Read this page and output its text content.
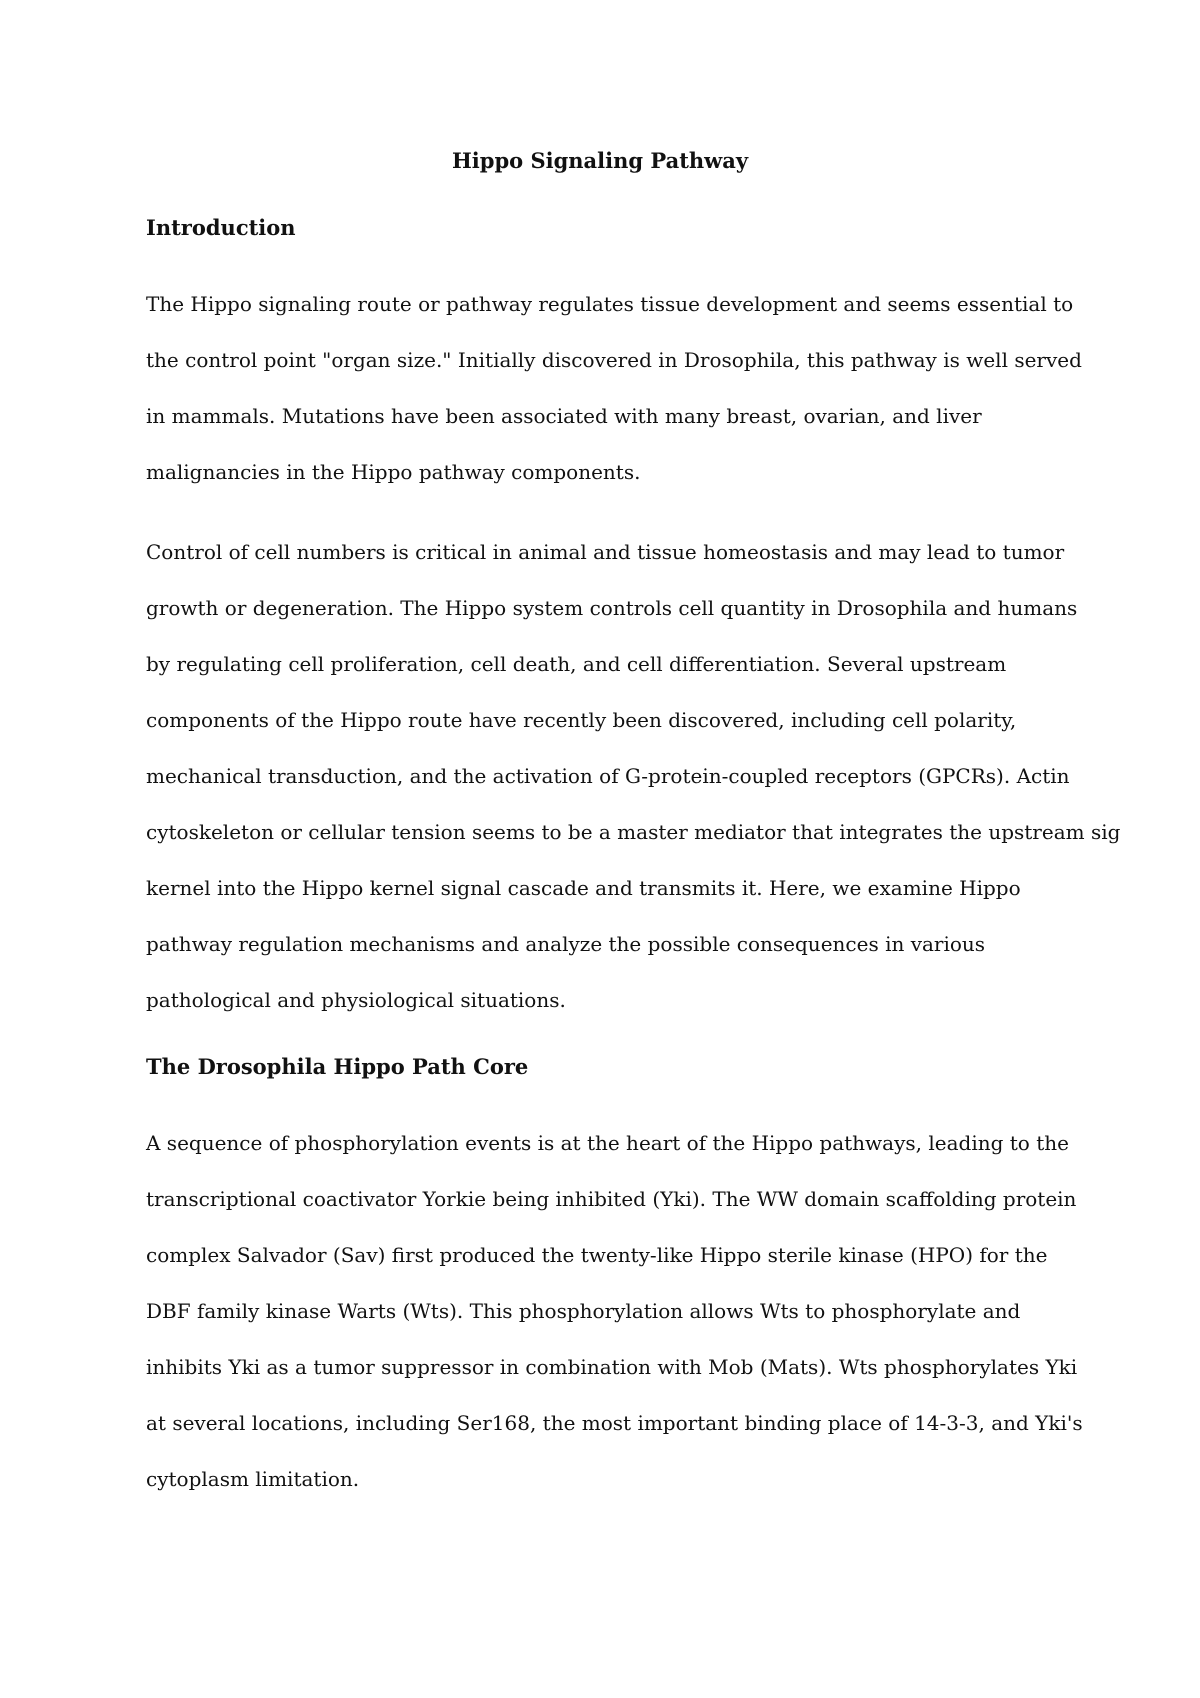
Hippo Signaling Pathway
Introduction
The Hippo signaling route or pathway regulates tissue development and seems essential to
the control point "organ size." Initially discovered in Drosophila, this pathway is well served
in mammals. Mutations have been associated with many breast, ovarian, and liver
malignancies in the Hippo pathway components.
Control of cell numbers is critical in animal and tissue homeostasis and may lead to tumor
growth or degeneration. The Hippo system controls cell quantity in Drosophila and humans
by regulating cell proliferation, cell death, and cell differentiation. Several upstream
components of the Hippo route have recently been discovered, including cell polarity,
mechanical transduction, and the activation of G-protein-coupled receptors (GPCRs). Actin
cytoskeleton or cellular tension seems to be a master mediator that integrates the upstream sig
kernel into the Hippo kernel signal cascade and transmits it. Here, we examine Hippo
pathway regulation mechanisms and analyze the possible consequences in various
pathological and physiological situations.
The Drosophila Hippo Path Core
A sequence of phosphorylation events is at the heart of the Hippo pathways, leading to the
transcriptional coactivator Yorkie being inhibited (Yki). The WW domain scaffolding protein
complex Salvador (Sav) first produced the twenty-like Hippo sterile kinase (HPO) for the
DBF family kinase Warts (Wts). This phosphorylation allows Wts to phosphorylate and
inhibits Yki as a tumor suppressor in combination with Mob (Mats). Wts phosphorylates Yki
at several locations, including Ser168, the most important binding place of 14-3-3, and Yki's
cytoplasm limitation.
